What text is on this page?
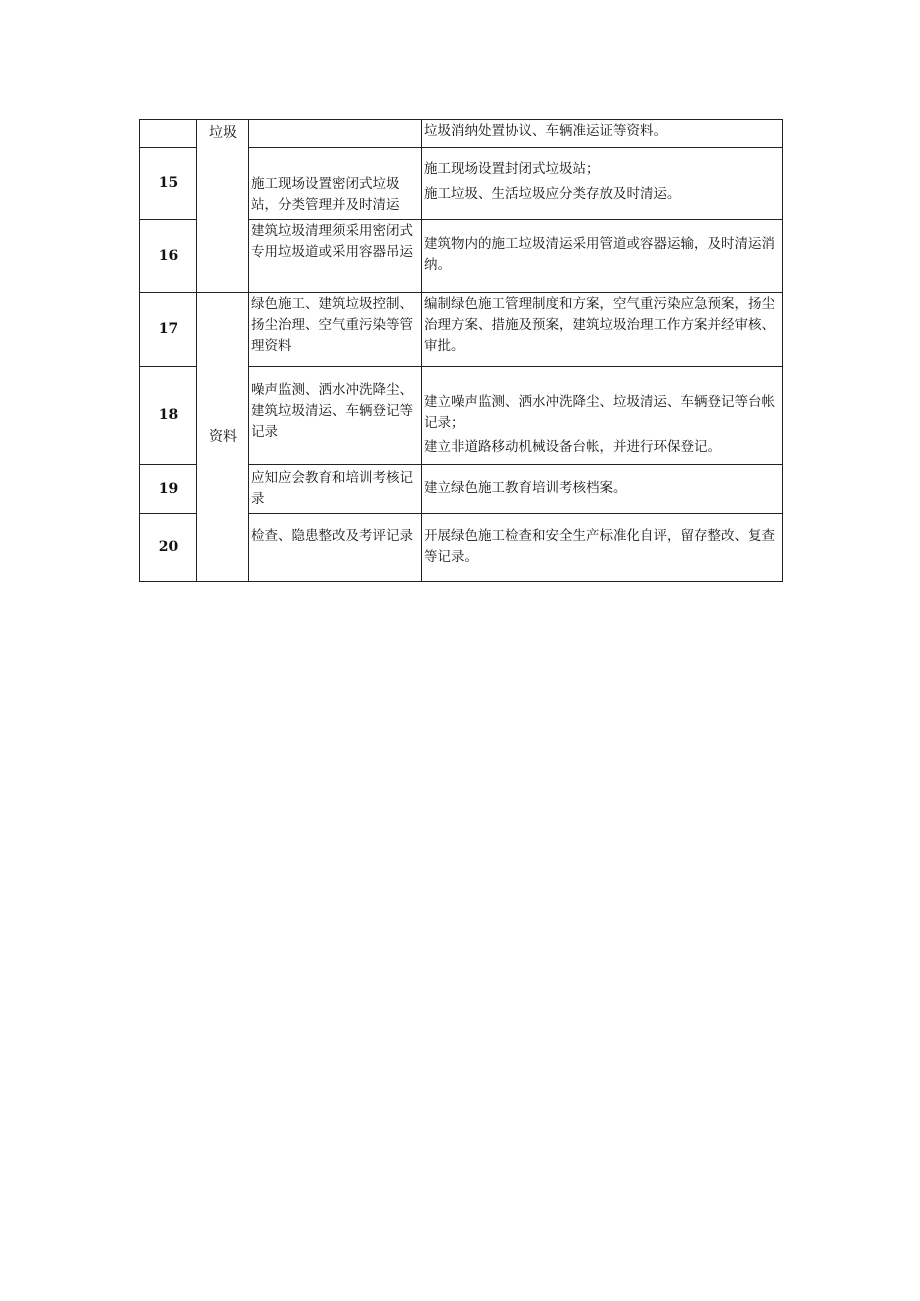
	垃圾		垃圾消纳处置协议、车辆准运证等资料。

15		施工现场设置密闭式垃圾站，分类管理并及时清运	施工现场设置封闭式垃圾站；
施工垃圾、生活垃圾应分类存放及时清运。

16		建筑垃圾清理须采用密闭式专用垃圾道或采用容器吊运	建筑物内的施工垃圾清运采用管道或容器运输，及时清运消纳。

17	资料	绿色施工、建筑垃圾控制、扬尘治理、空气重污染等管理资料	编制绿色施工管理制度和方案，空气重污染应急预案，扬尘治理方案、措施及预案，建筑垃圾治理工作方案并经审核、审批。

18		噪声监测、洒水冲洗降尘、建筑垃圾清运、车辆登记等记录	建立噪声监测、洒水冲洗降尘、垃圾清运、车辆登记等台帐记录；
建立非道路移动机械设备台帐，并进行环保登记。

19		应知应会教育和培训考核记录	建立绿色施工教育培训考核档案。

20		检查、隐患整改及考评记录	开展绿色施工检查和安全生产标准化自评，留存整改、复查等记录。
